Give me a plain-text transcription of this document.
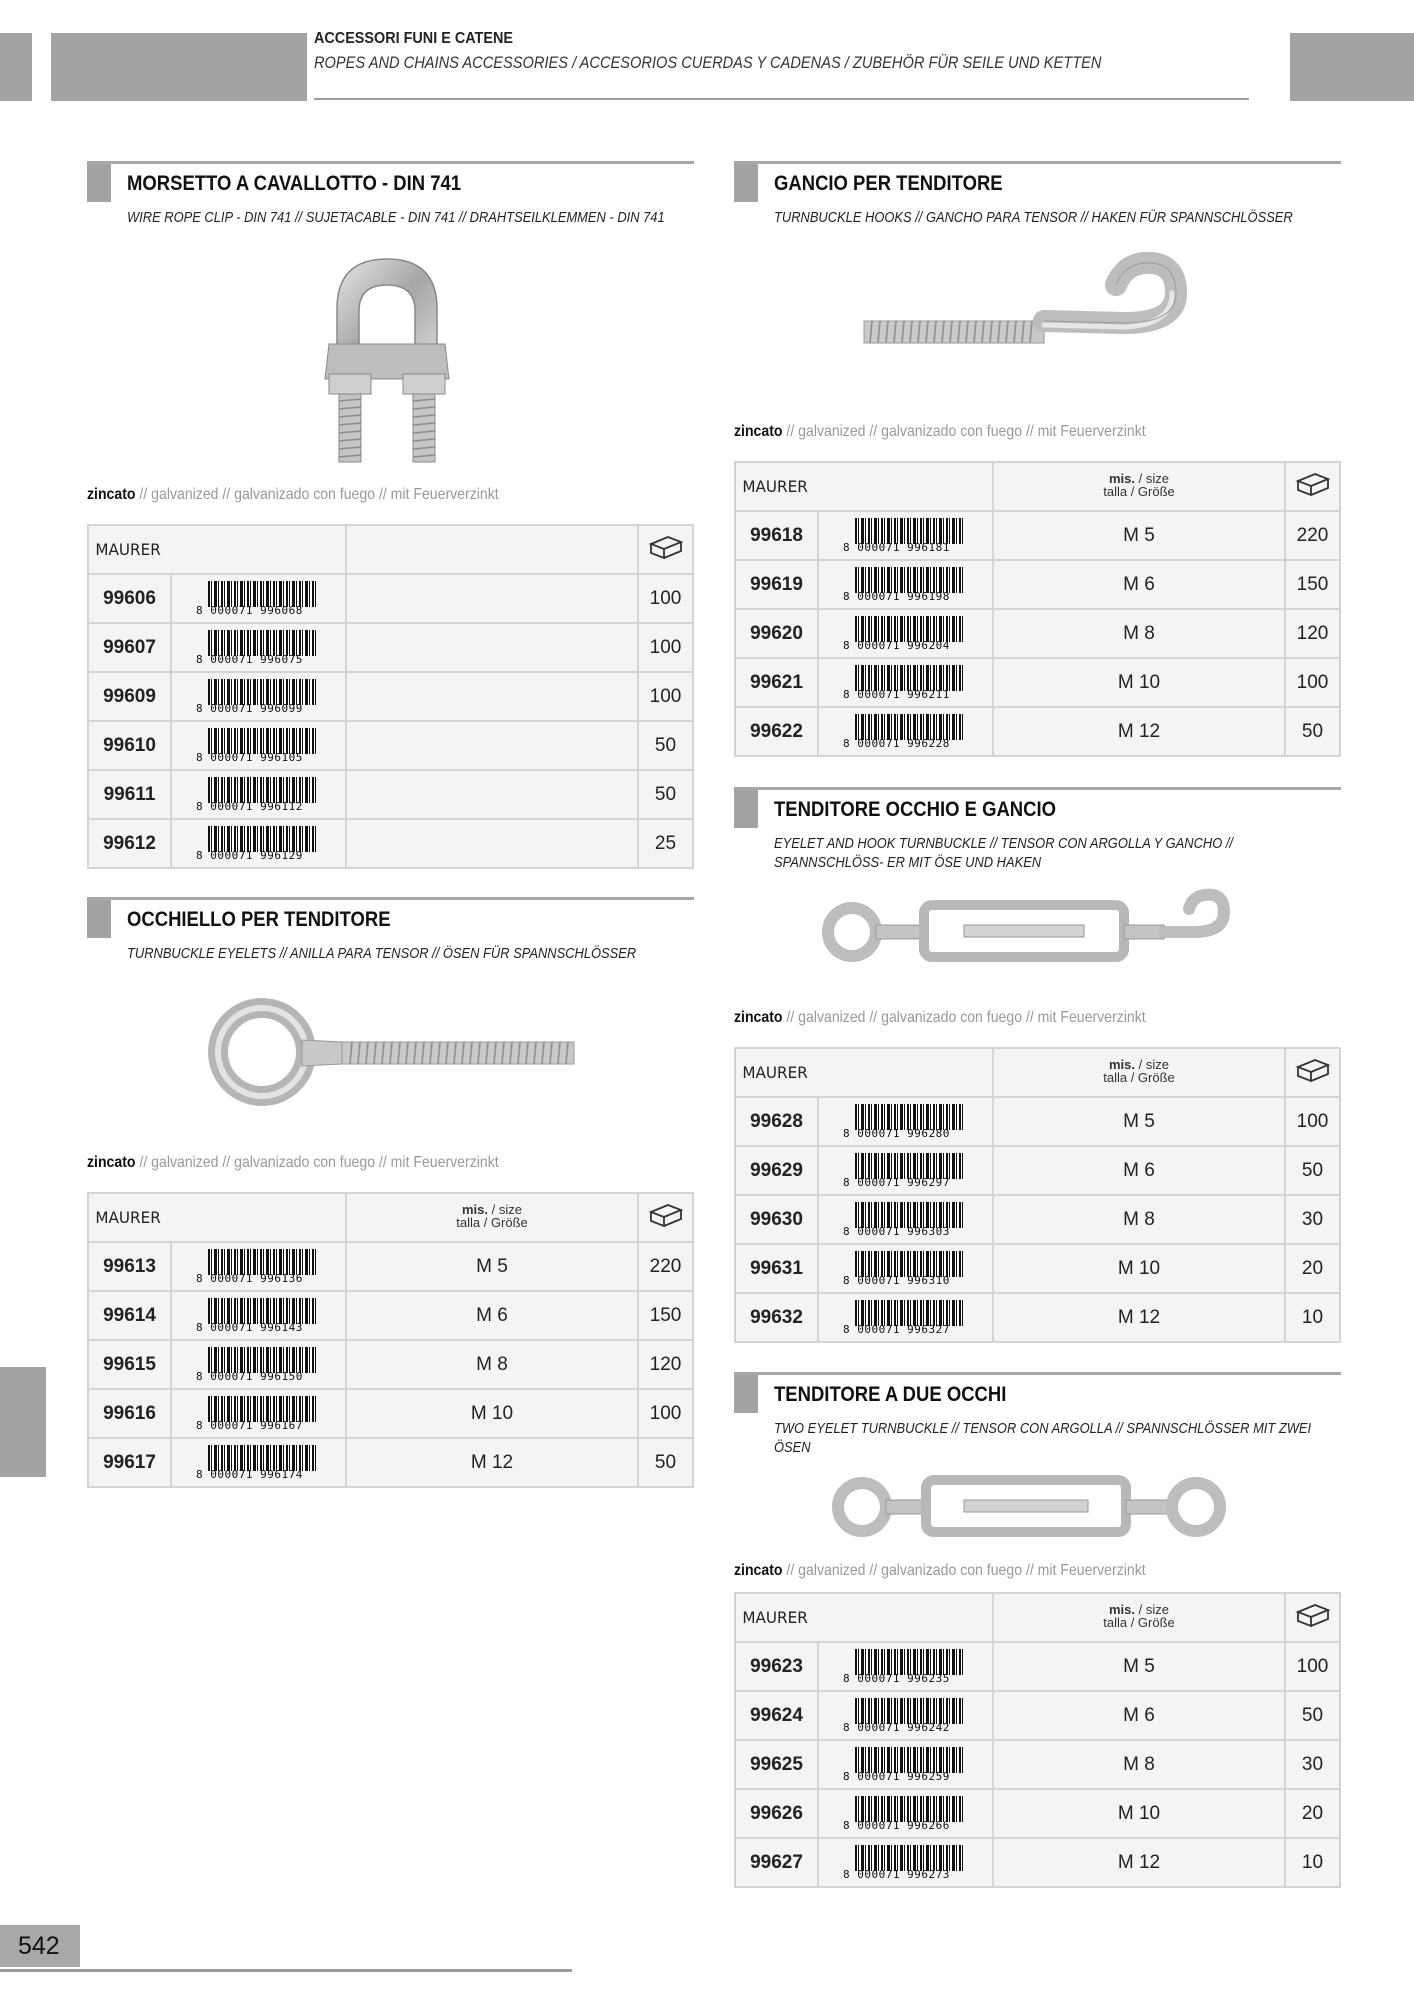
ACCESSORI FUNI E CATENE
ROPES AND CHAINS ACCESSORIES / ACCESORIOS CUERDAS Y CADENAS / ZUBEHÖR FÜR SEILE UND KETTEN
MORSETTO A CAVALLOTTO - DIN 741
WIRE ROPE CLIP - DIN 741 // SUJETACABLE - DIN 741 // DRAHTSEILKLEMMEN - DIN 741
zincato // galvanized // galvanizado con fuego // mit Feuerverzinkt
MAURER		
99606	8 000071 996068		100
99607	8 000071 996075		100
99609	8 000071 996099		100
99610	8 000071 996105		50
99611	8 000071 996112		50
99612	8 000071 996129		25
OCCHIELLO PER TENDITORE
TURNBUCKLE EYELETS // ANILLA PARA TENSOR // ÖSEN FÜR SPANNSCHLÖSSER
zincato // galvanized // galvanizado con fuego // mit Feuerverzinkt
MAURER		mis. / size
talla / Größe	
99613	8 000071 996136	M 5	220
99614	8 000071 996143	M 6	150
99615	8 000071 996150	M 8	120
99616	8 000071 996167	M 10	100
99617	8 000071 996174	M 12	50
GANCIO PER TENDITORE
TURNBUCKLE HOOKS // GANCHO PARA TENSOR // HAKEN FÜR SPANNSCHLÖSSER
zincato // galvanized // galvanizado con fuego // mit Feuerverzinkt
MAURER		mis. / size
talla / Größe	
99618	8 000071 996181	M 5	220
99619	8 000071 996198	M 6	150
99620	8 000071 996204	M 8	120
99621	8 000071 996211	M 10	100
99622	8 000071 996228	M 12	50
TENDITORE OCCHIO E GANCIO
EYELET AND HOOK TURNBUCKLE // TENSOR CON ARGOLLA Y GANCHO // SPANNSCHLÖSS- ER MIT ÖSE UND HAKEN
zincato // galvanized // galvanizado con fuego // mit Feuerverzinkt
MAURER		mis. / size
talla / Größe	
99628	8 000071 996280	M 5	100
99629	8 000071 996297	M 6	50
99630	8 000071 996303	M 8	30
99631	8 000071 996310	M 10	20
99632	8 000071 996327	M 12	10
TENDITORE A DUE OCCHI
TWO EYELET TURNBUCKLE // TENSOR CON ARGOLLA // SPANNSCHLÖSSER MIT ZWEI ÖSEN
zincato // galvanized // galvanizado con fuego // mit Feuerverzinkt
MAURER		mis. / size
talla / Größe	
99623	8 000071 996235	M 5	100
99624	8 000071 996242	M 6	50
99625	8 000071 996259	M 8	30
99626	8 000071 996266	M 10	20
99627	8 000071 996273	M 12	10
542
